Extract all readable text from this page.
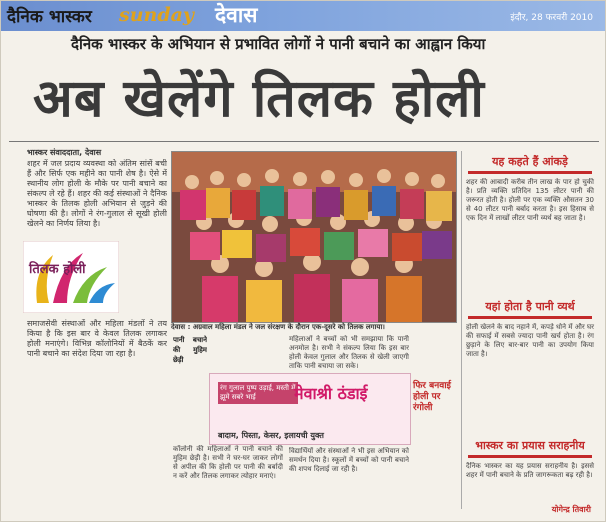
दैनिक भास्कर sunday देवास	इंदौर, 28 फरवरी 2010
दैनिक भास्कर के अभियान से प्रभावित लोगों ने पानी बचाने का आह्वान किया
अब खेलेंगे तिलक होली
भास्कर संवाददाता, देवास
शहर में जल प्रदाय व्यवस्था को अंतिम सांसें बची हैं और सिर्फ एक महीने का पानी शेष है। ऐसे में स्थानीय लोग होली के मौके पर पानी बचाने का संकल्प ले रहे हैं। शहर की कई संस्थाओं ने दैनिक भास्कर के तिलक होली अभियान से जुड़ने की घोषणा की है। लोगों ने रंग-गुलाल से सूखी होली खेलने का निर्णय लिया है।
तिलक होली
समाजसेवी संस्थाओं और महिला मंडलों ने तय किया है कि इस बार वे केवल तिलक लगाकर होली मनाएंगे। विभिन्न कॉलोनियों में बैठकें कर पानी बचाने का संदेश दिया जा रहा है।
देवास : अग्रवाल महिला मंडल ने जल संरक्षण के दौरान एक-दूसरे को तिलक लगाया।
पानी बचाने की मुहिम छेड़ी
कॉलोनी की महिलाओं ने पानी बचाने की मुहिम छेड़ी है। सभी ने घर-घर जाकर लोगों से अपील की कि होली पर पानी की बर्बादी न करें और तिलक लगाकर त्योहार मनाएं।
महिलाओं ने बच्चों को भी समझाया कि पानी अनमोल है। सभी ने संकल्प लिया कि इस बार होली केवल गुलाल और तिलक से खेली जाएगी ताकि पानी बचाया जा सके।
विद्यार्थियों और संस्थाओं ने भी इस अभियान को समर्थन दिया है। स्कूलों में बच्चों को पानी बचाने की शपथ दिलाई जा रही है।
रंग गुलाल पुष्प उड़ाई, मस्ती में झूमे सबरे भाई	मेवाश्री ठंडाई
बादाम, पिस्ता, केसर, इलायची युक्त
फिर बनवाई होली पर रंगोली
यह कहते हैं आंकड़े
शहर की आबादी करीब तीन लाख के पार हो चुकी है। प्रति व्यक्ति प्रतिदिन 135 लीटर पानी की जरूरत होती है। होली पर एक व्यक्ति औसतन 30 से 40 लीटर पानी बर्बाद करता है। इस हिसाब से एक दिन में लाखों लीटर पानी व्यर्थ बह जाता है।
यहां होता है पानी व्यर्थ
होली खेलने के बाद नहाने में, कपड़े धोने में और घर की सफाई में सबसे ज्यादा पानी खर्च होता है। रंग छुड़ाने के लिए बार-बार पानी का उपयोग किया जाता है।
भास्कर का प्रयास सराहनीय
दैनिक भास्कर का यह प्रयास सराहनीय है। इससे शहर में पानी बचाने के प्रति जागरूकता बढ़ रही है।
योगेन्द्र तिवारी
